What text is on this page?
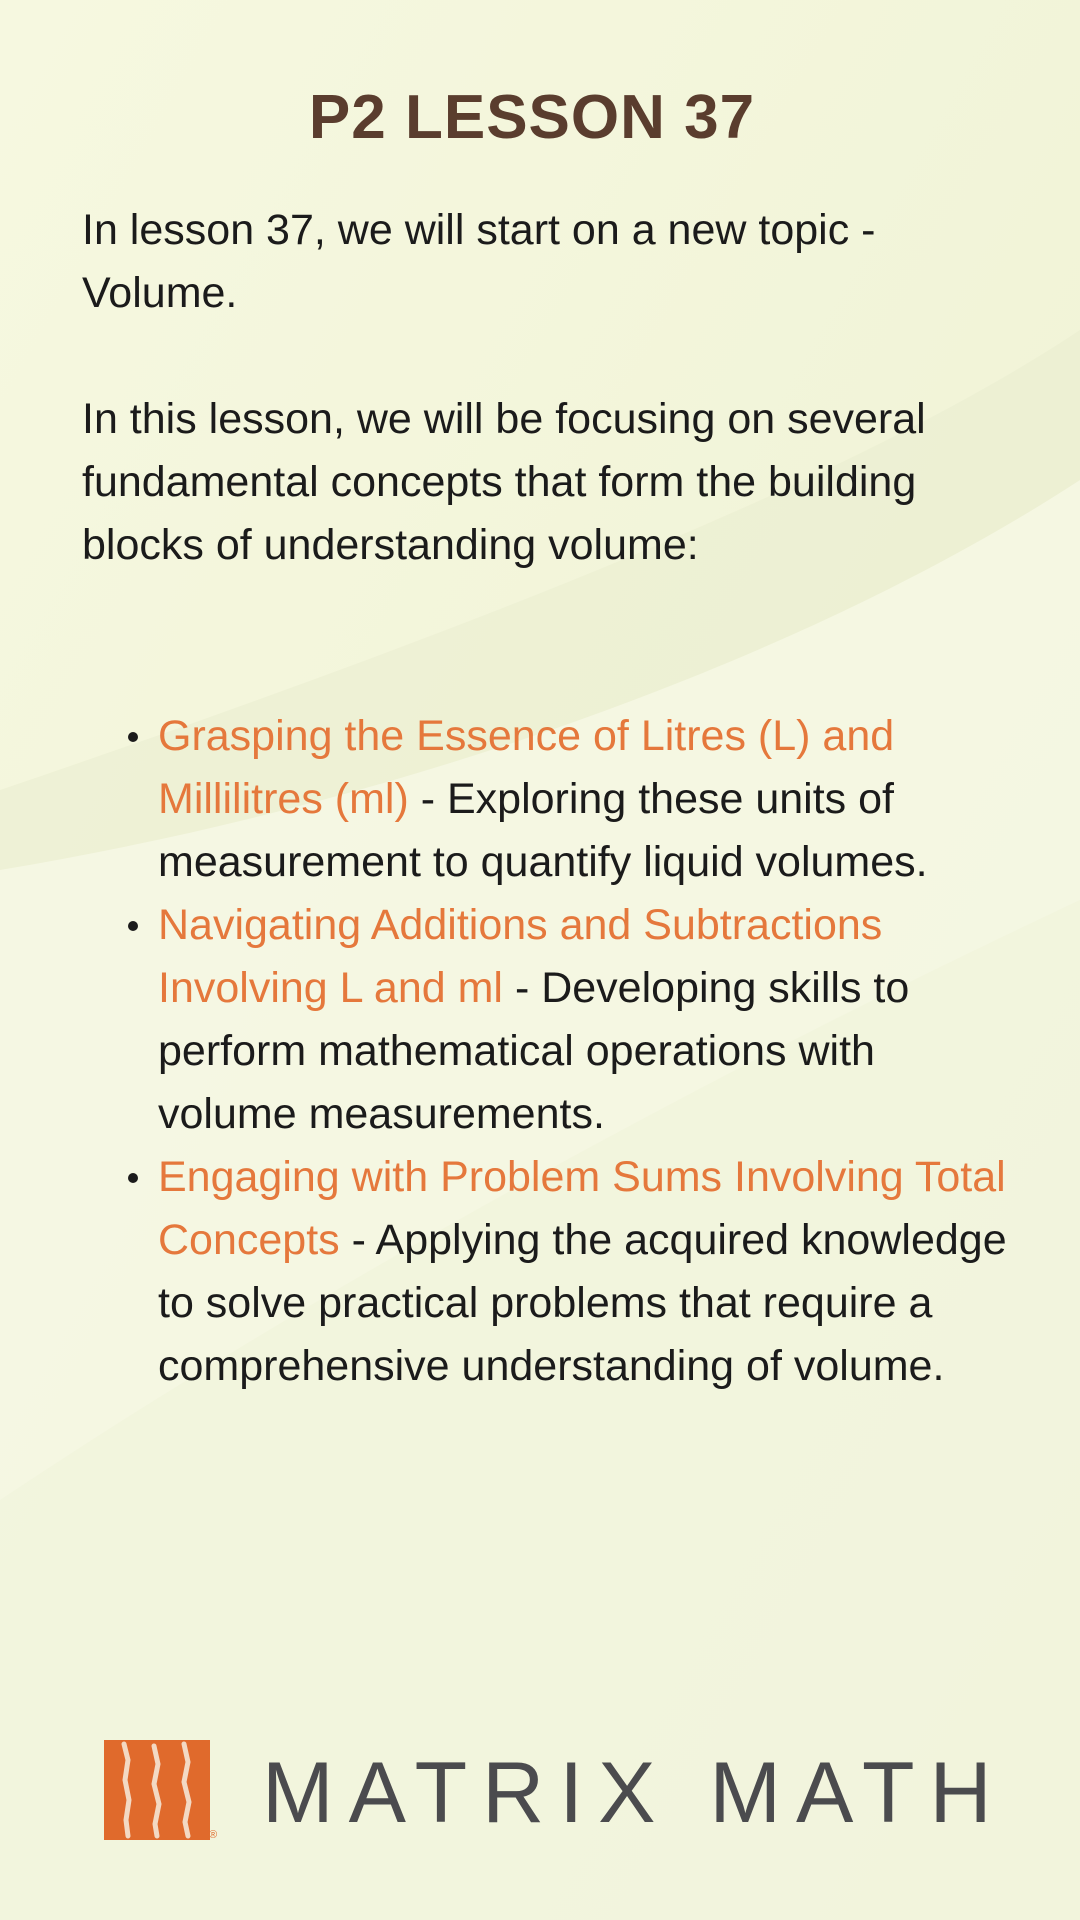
P2 LESSON 37

In lesson 37, we will start on a new topic - Volume.

In this lesson, we will be focusing on several fundamental concepts that form the building blocks of understanding volume:

Grasping the Essence of Litres (L) and Millilitres (ml) - Exploring these units of measurement to quantify liquid volumes.
Navigating Additions and Subtractions Involving L and ml - Developing skills to perform mathematical operations with volume measurements.
Engaging with Problem Sums Involving Total Concepts - Applying the acquired knowledge to solve practical problems that require a comprehensive understanding of volume.
® MATRIX MATH
